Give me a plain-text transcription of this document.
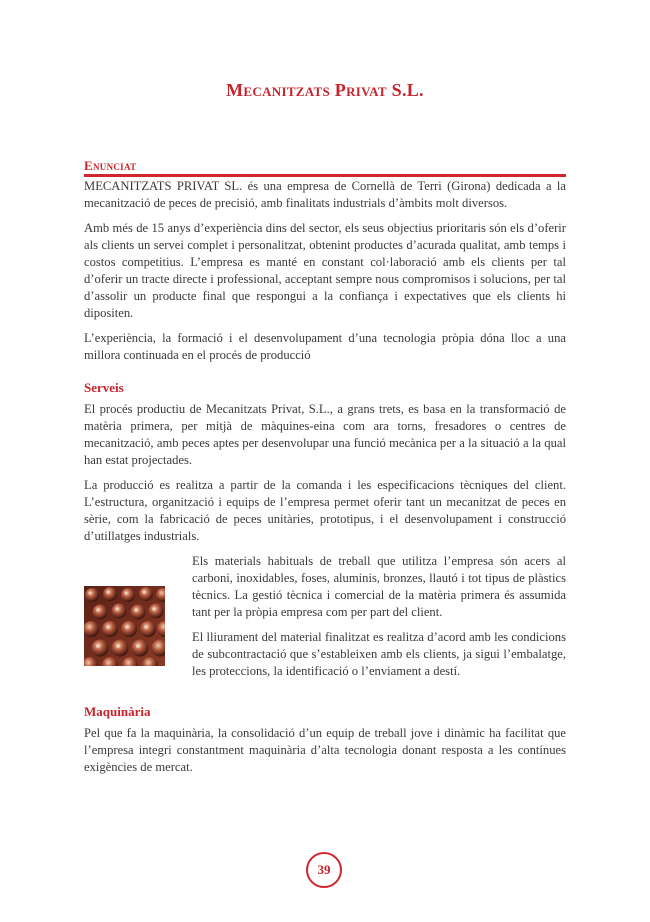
Mecanitzats Privat S.L.
Enunciat

MECANITZATS PRIVAT SL. és una empresa de Cornellà de Terri (Girona) dedicada a la mecanització de peces de precisió, amb finalitats industrials d’àmbits molt diversos.

Amb més de 15 anys d’experiència dins del sector, els seus objectius prioritaris són els d’oferir als clients un servei complet i personalitzat, obtenint productes d’acurada qualitat, amb temps i costos competitius. L’empresa es manté en constant col·laboració amb els clients per tal d’oferir un tracte directe i professional, acceptant sempre nous compromisos i solucions, per tal d’assolir un producte final que respongui a la confiança i expectatives que els clients hi dipositen.

L’experiència, la formació i el desenvolupament d’una tecnologia pròpia dóna lloc a una millora continuada en el procés de producció

Serveis

El procés productiu de Mecanitzats Privat, S.L., a grans trets, es basa en la transformació de matèria primera, per mitjà de màquines-eina com ara torns, fresadores o centres de mecanització, amb peces aptes per desenvolupar una funció mecànica per a la situació a la qual han estat projectades.

La producció es realitza a partir de la comanda i les especificacions tècniques del client. L’estructura, organització i equips de l’empresa permet oferir tant un mecanitzat de peces en sèrie, com la fabricació de peces unitàries, prototipus, i el desenvolupament i construcció d’utillatges industrials.

Els materials habituals de treball que utilitza l’empresa són acers al carboni, inoxidables, foses, aluminis, bronzes, llautó i tot tipus de plàstics tècnics. La gestió tècnica i comercial de la matèria primera és assumida tant per la pròpia empresa com per part del client.

El lliurament del material finalitzat es realitza d’acord amb les condicions de subcontractació que s’estableixen amb els clients, ja sigui l’embalatge, les proteccions, la identificació o l’enviament a destí.

Maquinària

Pel que fa la maquinària, la consolidació d’un equip de treball jove i dinàmic ha facilitat que l’empresa integri constantment maquinària d’alta tecnologia donant resposta a les contínues exigències de mercat.

39
